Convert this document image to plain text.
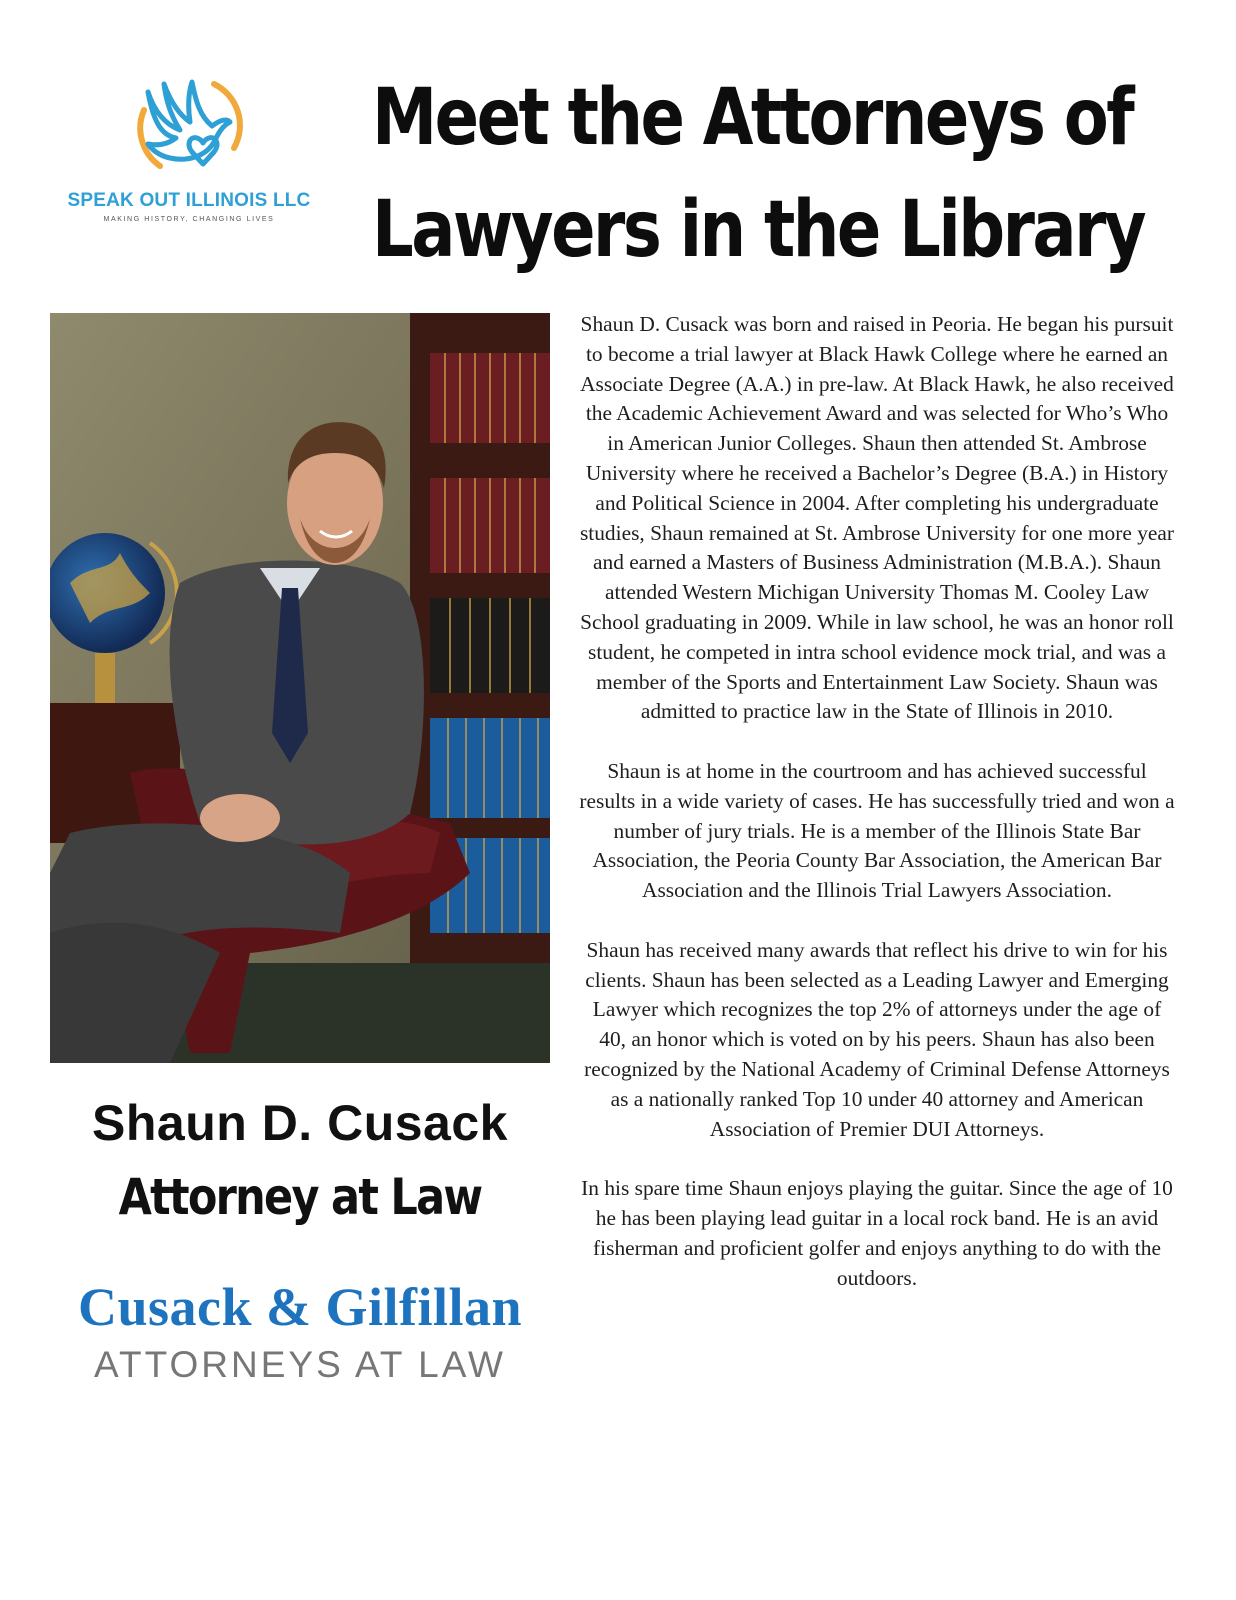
SPEAK OUT ILLINOIS LLC
MAKING HISTORY, CHANGING LIVES
Meet the Attorneys of
Lawyers in the Library
Shaun D. Cusack
Attorney at Law
Cusack & Gilfillan
ATTORNEYS AT LAW

Shaun D. Cusack was born and raised in Peoria. He began his pursuit to become a trial lawyer at Black Hawk College where he earned an Associate Degree (A.A.) in pre-law. At Black Hawk, he also received the Academic Achievement Award and was selected for Who’s Who in American Junior Colleges. Shaun then attended St. Ambrose University where he received a Bachelor’s Degree (B.A.) in History and Political Science in 2004. After completing his undergraduate studies, Shaun remained at St. Ambrose University for one more year and earned a Masters of Business Administration (M.B.A.). Shaun attended Western Michigan University Thomas M. Cooley Law School graduating in 2009. While in law school, he was an honor roll student, he competed in intra school evidence mock trial, and was a member of the Sports and Entertainment Law Society. Shaun was admitted to practice law in the State of Illinois in 2010.

Shaun is at home in the courtroom and has achieved successful results in a wide variety of cases. He has successfully tried and won a number of jury trials. He is a member of the Illinois State Bar Association, the Peoria County Bar Association, the American Bar Association and the Illinois Trial Lawyers Association.

Shaun has received many awards that reflect his drive to win for his clients. Shaun has been selected as a Leading Lawyer and Emerging Lawyer which recognizes the top 2% of attorneys under the age of 40, an honor which is voted on by his peers. Shaun has also been recognized by the National Academy of Criminal Defense Attorneys as a nationally ranked Top 10 under 40 attorney and American Association of Premier DUI Attorneys.

In his spare time Shaun enjoys playing the guitar. Since the age of 10 he has been playing lead guitar in a local rock band. He is an avid fisherman and proficient golfer and enjoys anything to do with the outdoors.
